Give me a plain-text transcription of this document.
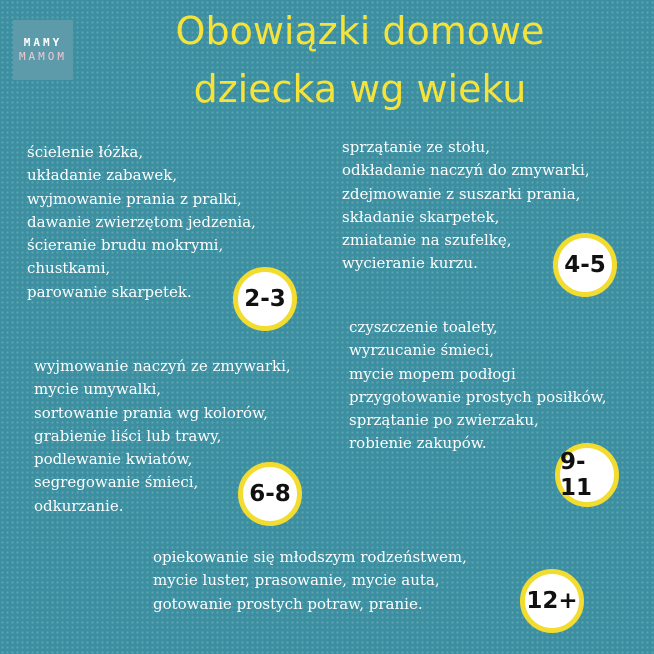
MAMY
MAMOM
Obowiązki domowe
dziecka wg wieku
ścielenie łóżka,
układanie zabawek,
wyjmowanie prania z pralki,
dawanie zwierzętom jedzenia,
ścieranie brudu mokrymi,
chustkami,
parowanie skarpetek.	2-3
sprzątanie ze stołu,
odkładanie naczyń do zmywarki,
zdejmowanie z suszarki prania,
składanie skarpetek,
zmiatanie na szufelkę,
wycieranie kurzu.	4-5
wyjmowanie naczyń ze zmywarki,
mycie umywalki,
sortowanie prania wg kolorów,
grabienie liści lub trawy,
podlewanie kwiatów,
segregowanie śmieci,
odkurzanie.	6-8
czyszczenie toalety,
wyrzucanie śmieci,
mycie mopem podłogi
przygotowanie prostych posiłków,
sprzątanie po zwierzaku,
robienie zakupów.
9-11
opiekowanie się młodszym rodzeństwem,
mycie luster, prasowanie, mycie auta,
gotowanie prostych potraw, pranie.	12+
